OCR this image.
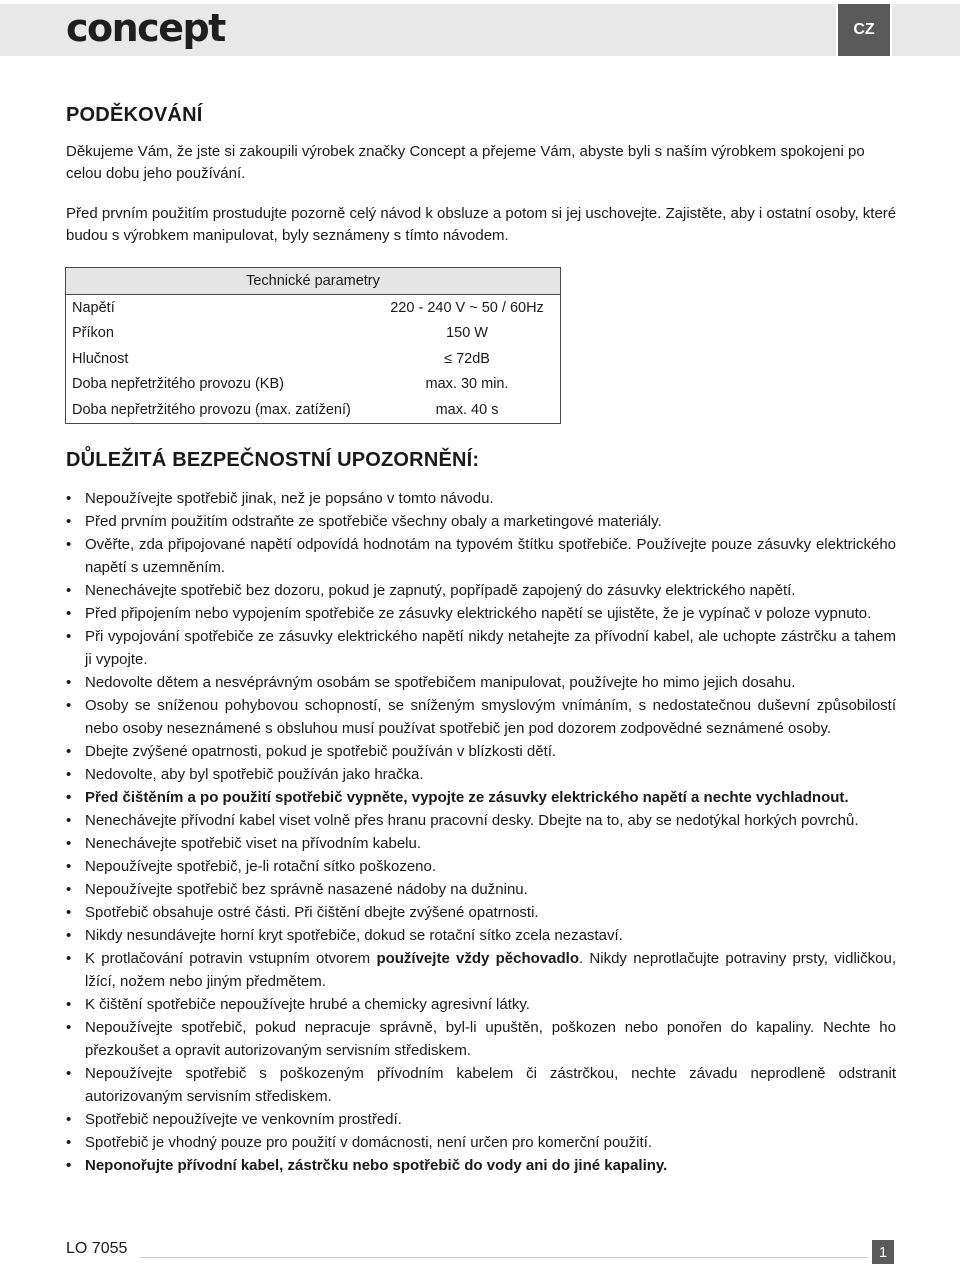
concept	CZ
PODĚKOVÁNÍ

Děkujeme Vám, že jste si zakoupili výrobek značky Concept a přejeme Vám, abyste byli s naším výrobkem spokojeni po celou dobu jeho používání.

Před prvním použitím prostudujte pozorně celý návod k obsluze a potom si jej uschovejte. Zajistěte, aby i ostatní osoby, které budou s výrobkem manipulovat, byly seznámeny s tímto návodem.

Technické parametry	
Napětí	220 - 240 V ~ 50 / 60Hz
Příkon	150 W
Hlučnost	≤ 72dB
Doba nepřetržitého provozu (KB)	max. 30 min.
Doba nepřetržitého provozu (max. zatížení)	max. 40 s
DŮLEŽITÁ BEZPEČNOSTNÍ UPOZORNĚNÍ:
• Nepoužívejte spotřebič jinak, než je popsáno v tomto návodu.
• Před prvním použitím odstraňte ze spotřebiče všechny obaly a marketingové materiály.
• Ověřte, zda připojované napětí odpovídá hodnotám na typovém štítku spotřebiče. Používejte pouze zásuvky elektrického napětí s uzemněním.
• Nenechávejte spotřebič bez dozoru, pokud je zapnutý, popřípadě zapojený do zásuvky elektrického napětí.
• Před připojením nebo vypojením spotřebiče ze zásuvky elektrického napětí se ujistěte, že je vypínač v poloze vypnuto.
• Při vypojování spotřebiče ze zásuvky elektrického napětí nikdy netahejte za přívodní kabel, ale uchopte zástrčku a tahem ji vypojte.
• Nedovolte dětem a nesvéprávným osobám se spotřebičem manipulovat, používejte ho mimo jejich dosahu.
• Osoby se sníženou pohybovou schopností, se sníženým smyslovým vnímáním, s nedostatečnou duševní způsobilostí nebo osoby neseznámené s obsluhou musí používat spotřebič jen pod dozorem zodpovědné seznámené osoby.
• Dbejte zvýšené opatrnosti, pokud je spotřebič používán v blízkosti dětí.
• Nedovolte, aby byl spotřebič používán jako hračka.
• Před čištěním a po použití spotřebič vypněte, vypojte ze zásuvky elektrického napětí a nechte vychladnout.
• Nenechávejte přívodní kabel viset volně přes hranu pracovní desky. Dbejte na to, aby se nedotýkal horkých povrchů.
• Nenechávejte spotřebič viset na přívodním kabelu.
• Nepoužívejte spotřebič, je-li rotační sítko poškozeno.
• Nepoužívejte spotřebič bez správně nasazené nádoby na dužninu.
• Spotřebič obsahuje ostré části. Při čištění dbejte zvýšené opatrnosti.
• Nikdy nesundávejte horní kryt spotřebiče, dokud se rotační sítko zcela nezastaví.
• K protlačování potravin vstupním otvorem používejte vždy pěchovadlo. Nikdy neprotlačujte potraviny prsty, vidličkou, lžící, nožem nebo jiným předmětem.
• K čištění spotřebiče nepoužívejte hrubé a chemicky agresivní látky.
• Nepoužívejte spotřebič, pokud nepracuje správně, byl-li upuštěn, poškozen nebo ponořen do kapaliny. Nechte ho přezkoušet a opravit autorizovaným servisním střediskem.
• Nepoužívejte spotřebič s poškozeným přívodním kabelem či zástrčkou, nechte závadu neprodleně odstranit autorizovaným servisním střediskem.
• Spotřebič nepoužívejte ve venkovním prostředí.
• Spotřebič je vhodný pouze pro použití v domácnosti, není určen pro komerční použití.
• Neponořujte přívodní kabel, zástrčku nebo spotřebič do vody ani do jiné kapaliny.
LO 7055	1
